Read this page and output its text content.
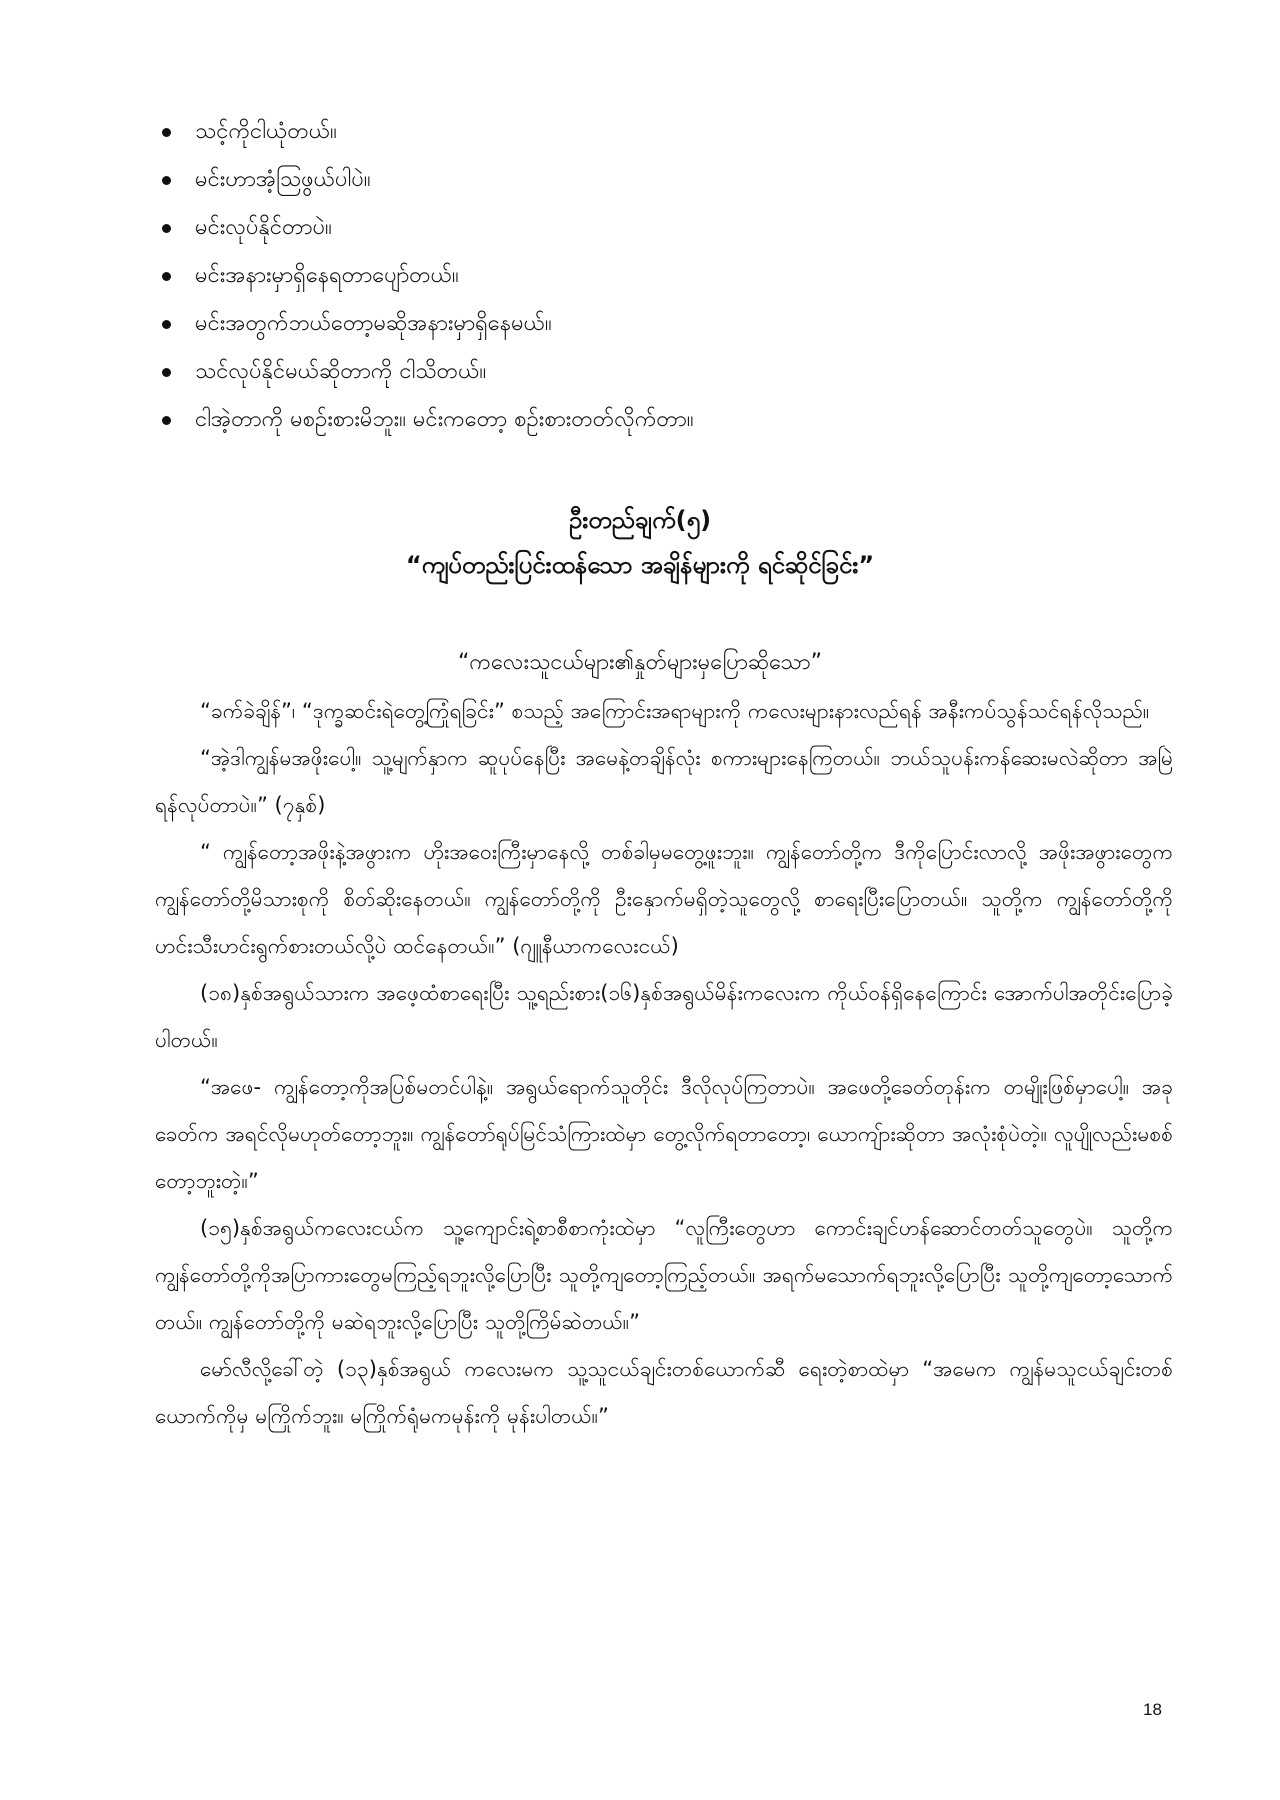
သင့်ကိုငါယုံတယ်။
မင်းဟာအံ့ဩဖွယ်ပါပဲ။
မင်းလုပ်နိုင်တာပဲ။
မင်းအနားမှာရှိနေရတာပျော်တယ်။
မင်းအတွက်ဘယ်တော့မဆိုအနားမှာရှိနေမယ်။
သင်လုပ်နိုင်မယ်ဆိုတာကို ငါသိတယ်။
ငါအဲ့တာကို မစဉ်းစားမိဘူး။ မင်းကတော့ စဉ်းစားတတ်လိုက်တာ။
ဦးတည်ချက်(၅)
“ကျပ်တည်းပြင်းထန်သော အချိန်များကို ရင်ဆိုင်ခြင်း”
“ကလေးသူငယ်များ၏နှုတ်များမှပြောဆိုသော”

“ခက်ခဲချိန်”၊ “ဒုက္ခဆင်းရဲတွေ့ကြုံရခြင်း” စသည့် အကြောင်းအရာများကို ကလေးများနားလည်ရန် အနီးကပ်သွန်သင်ရန်လိုသည်။

“အဲ့ဒါကျွန်မအဖိုးပေါ့။ သူ့မျက်နှာက ဆူပုပ်နေပြီး အမေနဲ့တချိန်လုံး စကားများနေကြတယ်။ ဘယ်သူပန်းကန်ဆေးမလဲဆိုတာ အမြဲရန်လုပ်တာပဲ။” (၇နှစ်)

“ ကျွန်တော့အဖိုးနဲ့အဖွားက ဟိုးအဝေးကြီးမှာနေလို့ တစ်ခါမှမတွေ့ဖူးဘူး။ ကျွန်တော်တို့က ဒီကိုပြောင်းလာလို့ အဖိုးအဖွားတွေက ကျွန်တော်တို့မိသားစုကို စိတ်ဆိုးနေတယ်။ ကျွန်တော်တို့ကို ဦးနှောက်မရှိတဲ့သူတွေလို့ စာရေးပြီးပြောတယ်။ သူတို့က ကျွန်တော်တို့ကို ဟင်းသီးဟင်းရွက်စားတယ်လို့ပဲ ထင်နေတယ်။” (ဂျူနီယာကလေးငယ်)

(၁၈)နှစ်အရွယ်သားက အဖေ့ထံစာရေးပြီး သူ့ရည်းစား(၁၆)နှစ်အရွယ်မိန်းကလေးက ကိုယ်ဝန်ရှိနေကြောင်း အောက်ပါအတိုင်းပြောခဲ့ပါတယ်။

“အဖေ- ကျွန်တော့ကိုအပြစ်မတင်ပါနဲ့။ အရွယ်ရောက်သူတိုင်း ဒီလိုလုပ်ကြတာပဲ။ အဖေတို့ခေတ်တုန်းက တမျိုးဖြစ်မှာပေါ့။ အခုခေတ်က အရင်လိုမဟုတ်တော့ဘူး။ ကျွန်တော်ရုပ်မြင်သံကြားထဲမှာ တွေ့လိုက်ရတာတော့၊ ယောကျ်ားဆိုတာ အလုံးစုံပဲတဲ့။ လူပျိုလည်းမစစ်တော့ဘူးတဲ့။”

(၁၅)နှစ်အရွယ်ကလေးငယ်က သူ့ကျောင်းရဲ့စာစီစာကုံးထဲမှာ “လူကြီးတွေဟာ ကောင်းချင်ဟန်ဆောင်တတ်သူတွေပဲ။ သူတို့က ကျွန်တော်တို့ကိုအပြာကားတွေမကြည့်ရဘူးလို့ပြောပြီး သူတို့ကျတော့ကြည့်တယ်။ အရက်မသောက်ရဘူးလို့ပြောပြီး သူတို့ကျတော့သောက်တယ်။ ကျွန်တော်တို့ကို မဆဲရဘူးလို့ပြောပြီး သူတို့ကြိမ်ဆဲတယ်။”

မော်လီလို့ခေါ်တဲ့ (၁၃)နှစ်အရွယ် ကလေးမက သူ့သူငယ်ချင်းတစ်ယောက်ဆီ ရေးတဲ့စာထဲမှာ “အမေက ကျွန်မသူငယ်ချင်းတစ်ယောက်ကိုမှ မကြိုက်ဘူး။ မကြိုက်ရုံမကမုန်းကို မုန်းပါတယ်။”

18
